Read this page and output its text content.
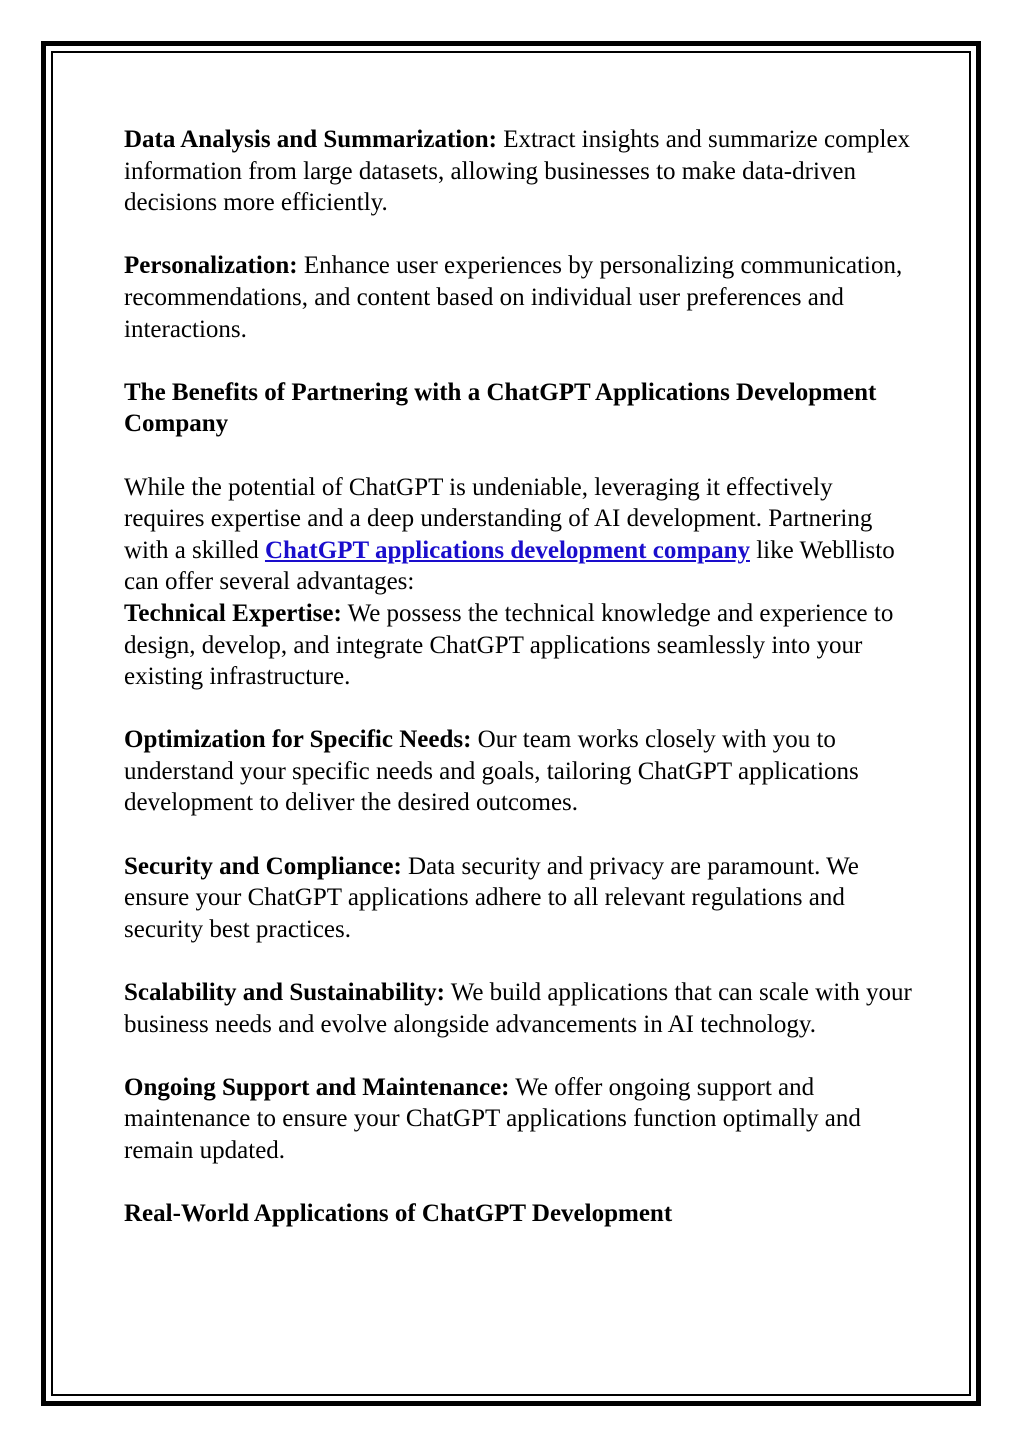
Data Analysis and Summarization: Extract insights and summarize complex information from large datasets, allowing businesses to make data-driven decisions more efficiently.

Personalization: Enhance user experiences by personalizing communication, recommendations, and content based on individual user preferences and interactions.

The Benefits of Partnering with a ChatGPT Applications Development Company

While the potential of ChatGPT is undeniable, leveraging it effectively requires expertise and a deep understanding of AI development. Partnering with a skilled ChatGPT applications development company like Webllisto can offer several advantages:

Technical Expertise: We possess the technical knowledge and experience to design, develop, and integrate ChatGPT applications seamlessly into your existing infrastructure.

Optimization for Specific Needs: Our team works closely with you to understand your specific needs and goals, tailoring ChatGPT applications development to deliver the desired outcomes.

Security and Compliance: Data security and privacy are paramount. We ensure your ChatGPT applications adhere to all relevant regulations and security best practices.

Scalability and Sustainability: We build applications that can scale with your business needs and evolve alongside advancements in AI technology.

Ongoing Support and Maintenance: We offer ongoing support and maintenance to ensure your ChatGPT applications function optimally and remain updated.

Real-World Applications of ChatGPT Development
